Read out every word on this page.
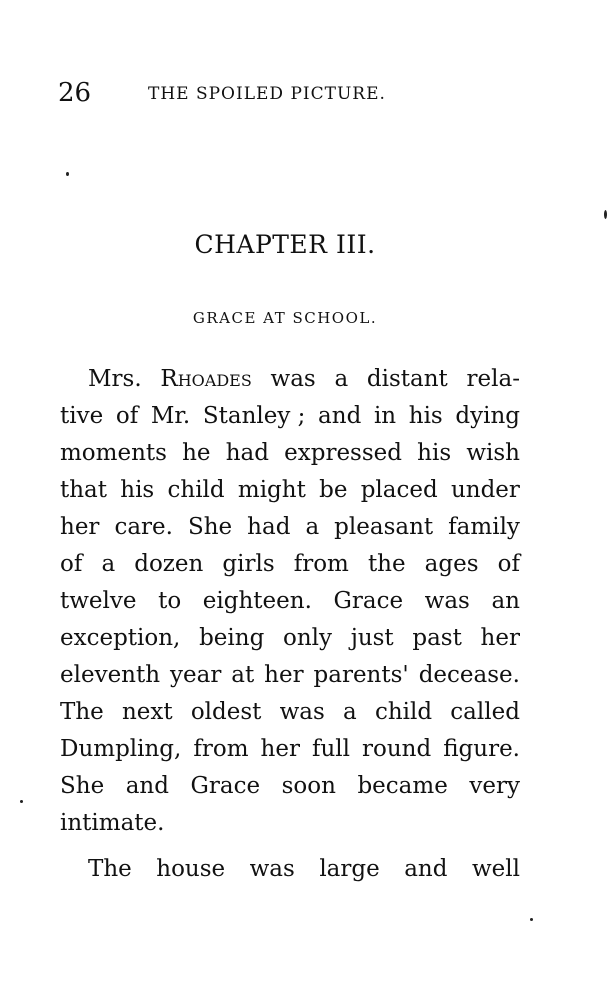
26	THE SPOILED PICTURE.
CHAPTER III.
GRACE AT SCHOOL.
Mrs. Rhoades was a distant rela-
tive of Mr. Stanley ; and in his dying
moments he had expressed his wish
that his child might be placed under
her care. She had a pleasant family
of a dozen girls from the ages of
twelve to eighteen. Grace was an
exception, being only just past her
eleventh year at her parents' decease.
The next oldest was a child called
Dumpling, from her full round figure.
She and Grace soon became very
intimate.
The house was large and well
